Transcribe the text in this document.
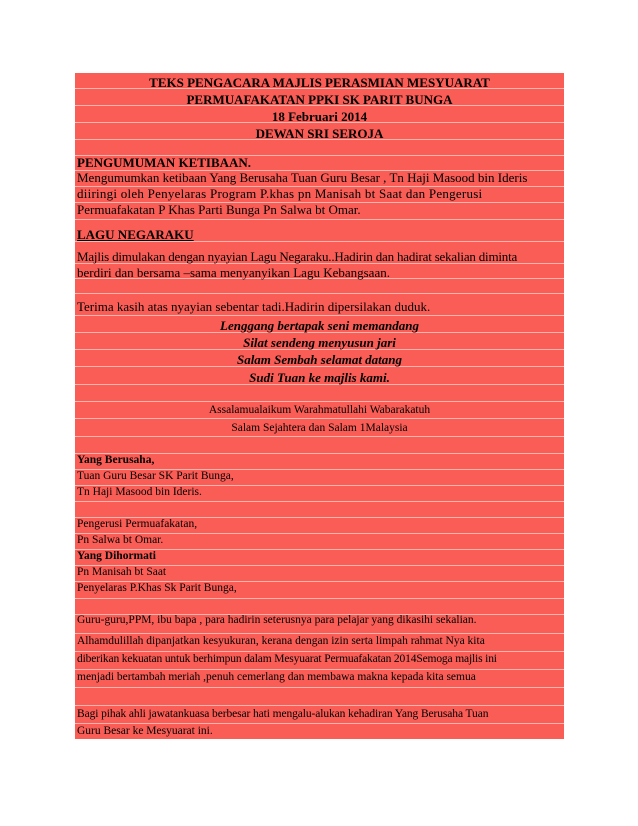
TEKS PENGACARA MAJLIS PERASMIAN MESYUARAT
PERMUAFAKATAN PPKI SK PARIT BUNGA
18 Februari 2014
DEWAN SRI SEROJA
PENGUMUMAN KETIBAAN.
Mengumumkan ketibaan Yang Berusaha Tuan Guru Besar , Tn Haji Masood bin Ideris
diiringi oleh Penyelaras Program P.khas pn Manisah bt Saat dan Pengerusi
Permuafakatan P Khas Parti Bunga Pn Salwa bt Omar.
LAGU NEGARAKU
Majlis dimulakan dengan nyayian Lagu Negaraku..Hadirin dan hadirat sekalian diminta
berdiri dan bersama –sama menyanyikan Lagu Kebangsaan.
Terima kasih atas nyayian sebentar tadi.Hadirin dipersilakan duduk.
Lenggang bertapak seni memandang
Silat sendeng menyusun jari
Salam Sembah selamat datang
Sudi Tuan ke majlis kami.
Assalamualaikum Warahmatullahi Wabarakatuh
Salam Sejahtera dan Salam 1Malaysia
Yang Berusaha,
Tuan Guru Besar SK Parit Bunga,
Tn Haji Masood bin Ideris.
Pengerusi Permuafakatan,
Pn Salwa bt Omar.
Yang Dihormati
Pn Manisah bt Saat
Penyelaras P.Khas Sk Parit Bunga,
Guru-guru,PPM, ibu bapa , para hadirin seterusnya para pelajar yang dikasihi sekalian.
Alhamdulillah dipanjatkan kesyukuran, kerana dengan izin serta limpah rahmat Nya kita
diberikan kekuatan untuk berhimpun dalam Mesyuarat Permuafakatan 2014Semoga majlis ini
menjadi bertambah meriah ,penuh cemerlang dan membawa makna kepada kita semua
Bagi pihak ahli jawatankuasa berbesar hati mengalu-alukan kehadiran Yang Berusaha Tuan
Guru Besar ke Mesyuarat ini.
